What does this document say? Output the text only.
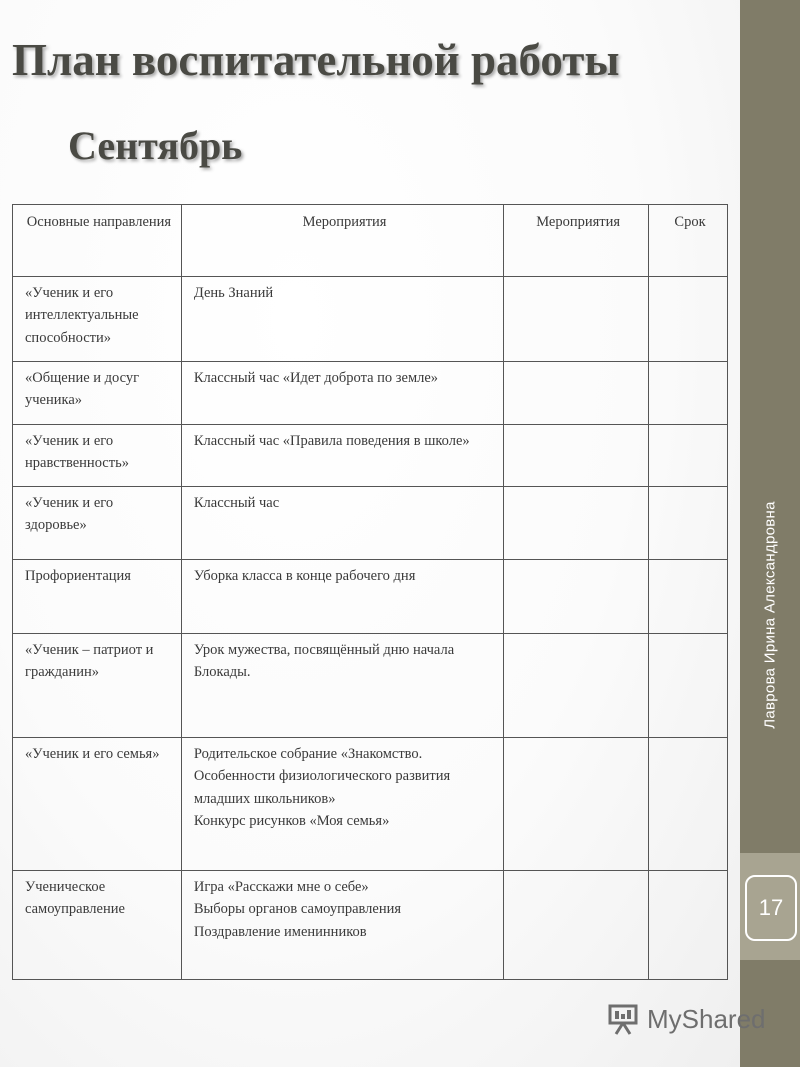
План воспитательной работы
Сентябрь
Основные направления	Мероприятия	Мероприятия	Срок
«Ученик и его интеллектуальные способности»	День Знаний		
«Общение и досуг ученика»	Классный час «Идет доброта по земле»		
«Ученик и его нравственность»	Классный час «Правила поведения в школе»		
«Ученик и его здоровье»	Классный час		
Профориентация	Уборка класса в конце рабочего дня		
«Ученик – патриот и гражданин»	Урок мужества, посвящённый дню начала Блокады.		
«Ученик и его семья»	Родительское собрание «Знакомство. Особенности физиологического развития младших школьников»
Конкурс рисунков «Моя семья»		
Ученическое самоуправление	Игра «Расскажи мне о себе»
Выборы органов самоуправления
Поздравление именинников		
Лаврова Ирина Александровна
17
MyShared
